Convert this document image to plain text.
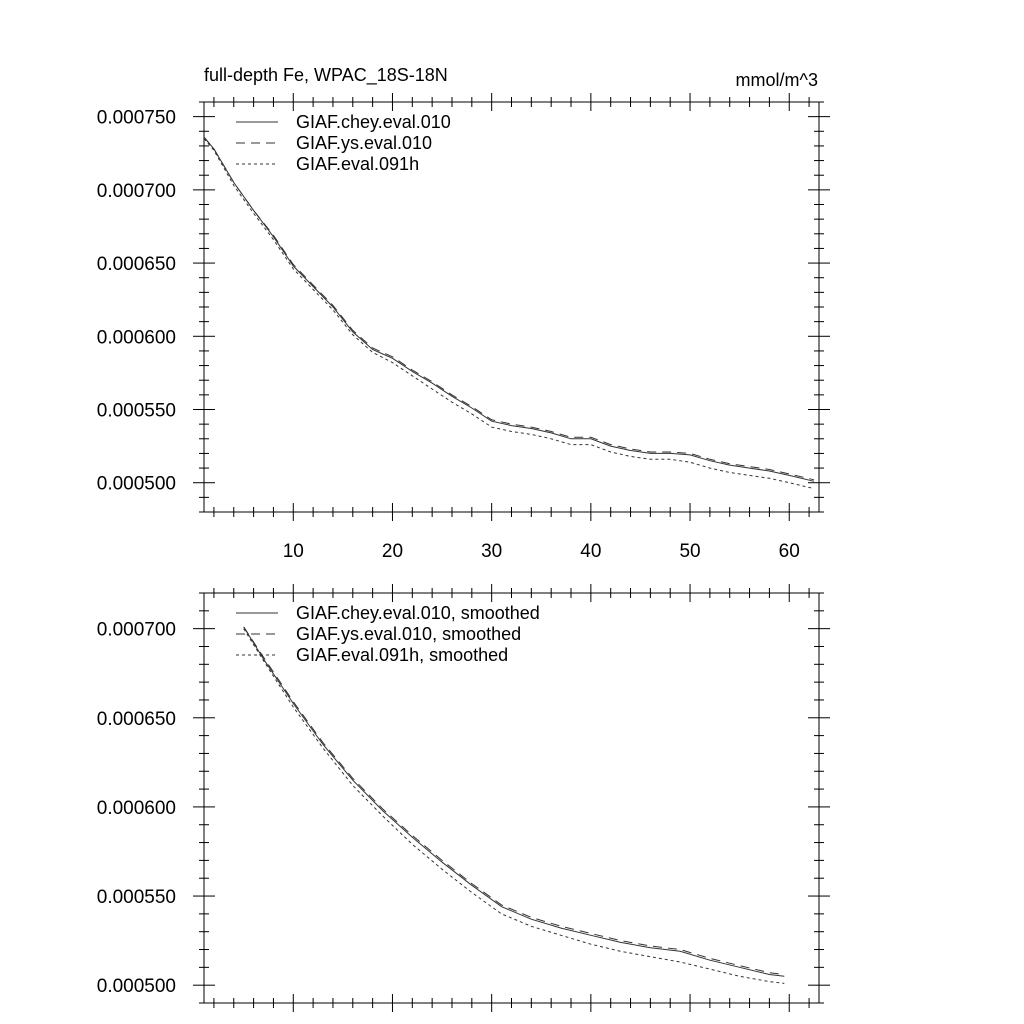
full-depth Fe, WPAC_18S-18N	mmol/m^3
0.000500
0.000550
0.000600
0.000650
0.000700
0.000750
10	20	30	40	50	60
GIAF.chey.eval.010
GIAF.ys.eval.010
GIAF.eval.091h
0.000500
0.000550
0.000600
0.000650
0.000700
GIAF.chey.eval.010, smoothed
GIAF.ys.eval.010, smoothed
GIAF.eval.091h, smoothed
